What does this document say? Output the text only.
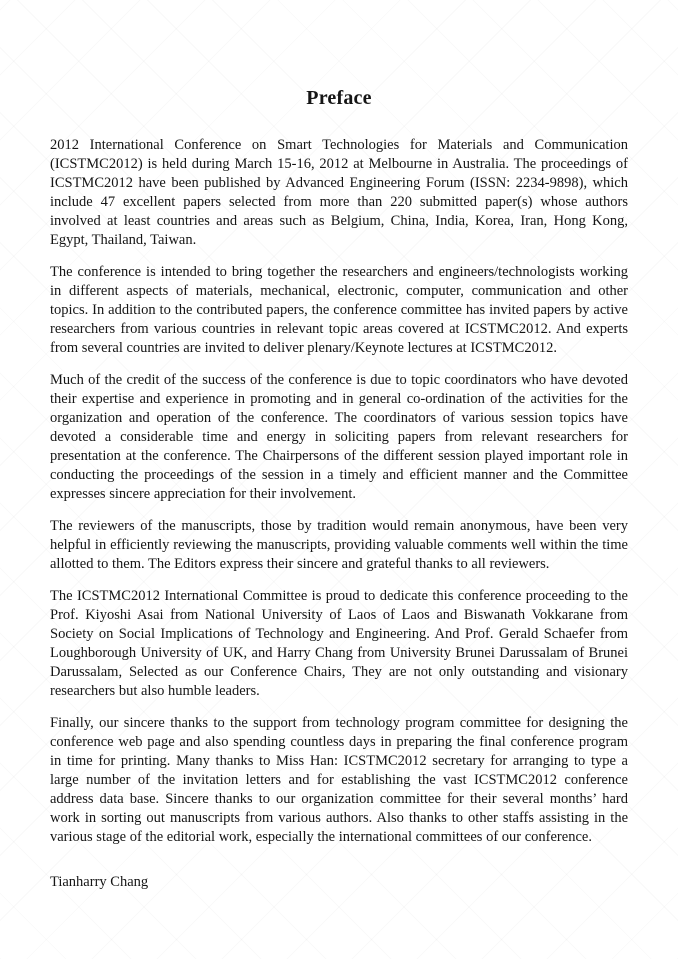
Preface

2012 International Conference on Smart Technologies for Materials and Communication (ICSTMC2012) is held during March 15-16, 2012 at Melbourne in Australia. The proceedings of ICSTMC2012 have been published by Advanced Engineering Forum (ISSN: 2234-9898), which include 47 excellent papers selected from more than 220 submitted paper(s) whose authors involved at least countries and areas such as Belgium, China, India, Korea, Iran, Hong Kong, Egypt, Thailand, Taiwan.

The conference is intended to bring together the researchers and engineers/technologists working in different aspects of materials, mechanical, electronic, computer, communication and other topics. In addition to the contributed papers, the conference committee has invited papers by active researchers from various countries in relevant topic areas covered at ICSTMC2012. And experts from several countries are invited to deliver plenary/Keynote lectures at ICSTMC2012.

Much of the credit of the success of the conference is due to topic coordinators who have devoted their expertise and experience in promoting and in general co-ordination of the activities for the organization and operation of the conference. The coordinators of various session topics have devoted a considerable time and energy in soliciting papers from relevant researchers for presentation at the conference. The Chairpersons of the different session played important role in conducting the proceedings of the session in a timely and efficient manner and the Committee expresses sincere appreciation for their involvement.

The reviewers of the manuscripts, those by tradition would remain anonymous, have been very helpful in efficiently reviewing the manuscripts, providing valuable comments well within the time allotted to them. The Editors express their sincere and grateful thanks to all reviewers.

The ICSTMC2012 International Committee is proud to dedicate this conference proceeding to the Prof. Kiyoshi Asai from National University of Laos of Laos and Biswanath Vokkarane from Society on Social Implications of Technology and Engineering. And Prof. Gerald Schaefer from Loughborough University of UK, and Harry Chang from University Brunei Darussalam of Brunei Darussalam, Selected as our Conference Chairs, They are not only outstanding and visionary researchers but also humble leaders.

Finally, our sincere thanks to the support from technology program committee for designing the conference web page and also spending countless days in preparing the final conference program in time for printing. Many thanks to Miss Han: ICSTMC2012 secretary for arranging to type a large number of the invitation letters and for establishing the vast ICSTMC2012 conference address data base. Sincere thanks to our organization committee for their several months’ hard work in sorting out manuscripts from various authors. Also thanks to other staffs assisting in the various stage of the editorial work, especially the international committees of our conference.

Tianharry Chang
